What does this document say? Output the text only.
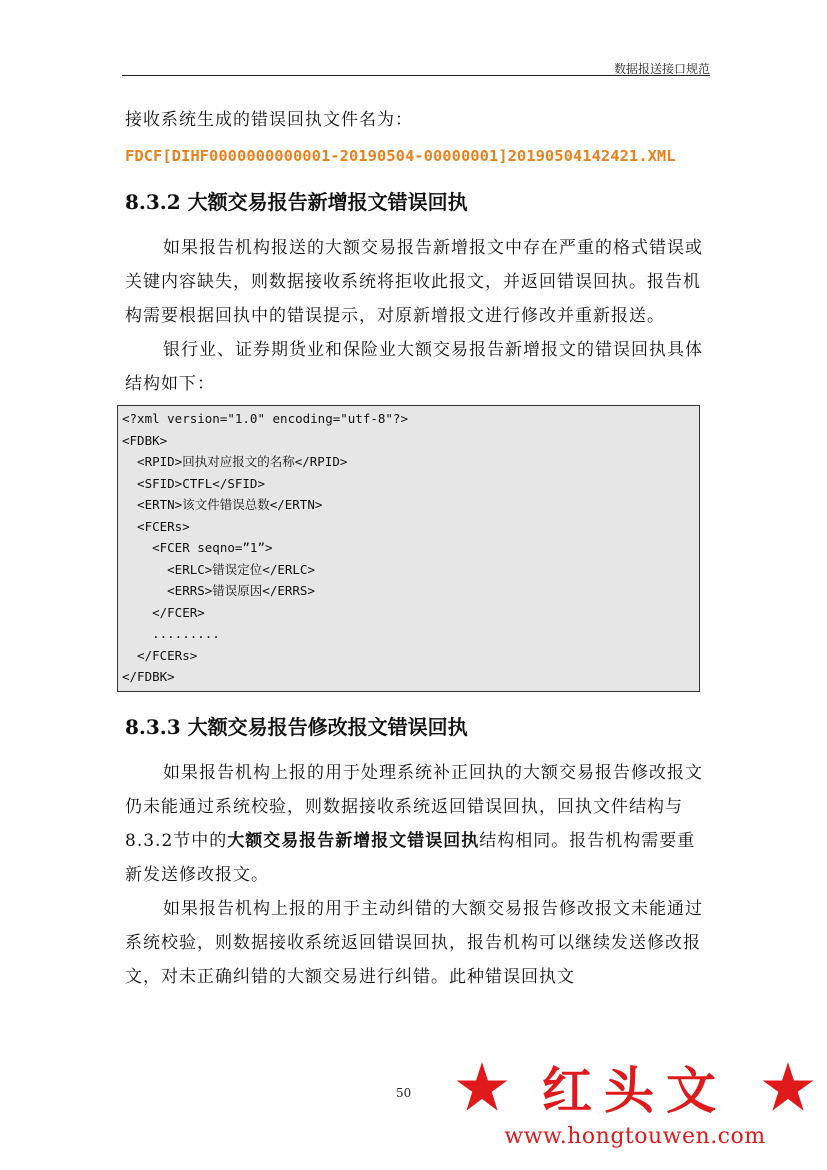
数据报送接口规范

接收系统生成的错误回执文件名为：

FDCF[DIHF0000000000001-20190504-00000001]20190504142421.XML

8.3.2 大额交易报告新增报文错误回执

如果报告机构报送的大额交易报告新增报文中存在严重的格式错误或关键内容缺失，则数据接收系统将拒收此报文，并返回错误回执。报告机构需要根据回执中的错误提示，对原新增报文进行修改并重新报送。

银行业、证券期货业和保险业大额交易报告新增报文的错误回执具体结构如下：

<?xml version="1.0" encoding="utf-8"?>
<FDBK>
<RPID>回执对应报文的名称</RPID>
<SFID>CTFL</SFID>
<ERTN>该文件错误总数</ERTN>
<FCERs>
<FCER seqno=”1”>
<ERLC>错误定位</ERLC>
<ERRS>错误原因</ERRS>
</FCER>
.........
</FCERs>
</FDBK>
8.3.3 大额交易报告修改报文错误回执

如果报告机构上报的用于处理系统补正回执的大额交易报告修改报文仍未能通过系统校验，则数据接收系统返回错误回执，回执文件结构与8.3.2节中的大额交易报告新增报文错误回执结构相同。报告机构需要重新发送修改报文。

如果报告机构上报的用于主动纠错的大额交易报告修改报文未能通过系统校验，则数据接收系统返回错误回执，报告机构可以继续发送修改报文，对未正确纠错的大额交易进行纠错。此种错误回执文

50	红头文
www.hongtouwen.com
